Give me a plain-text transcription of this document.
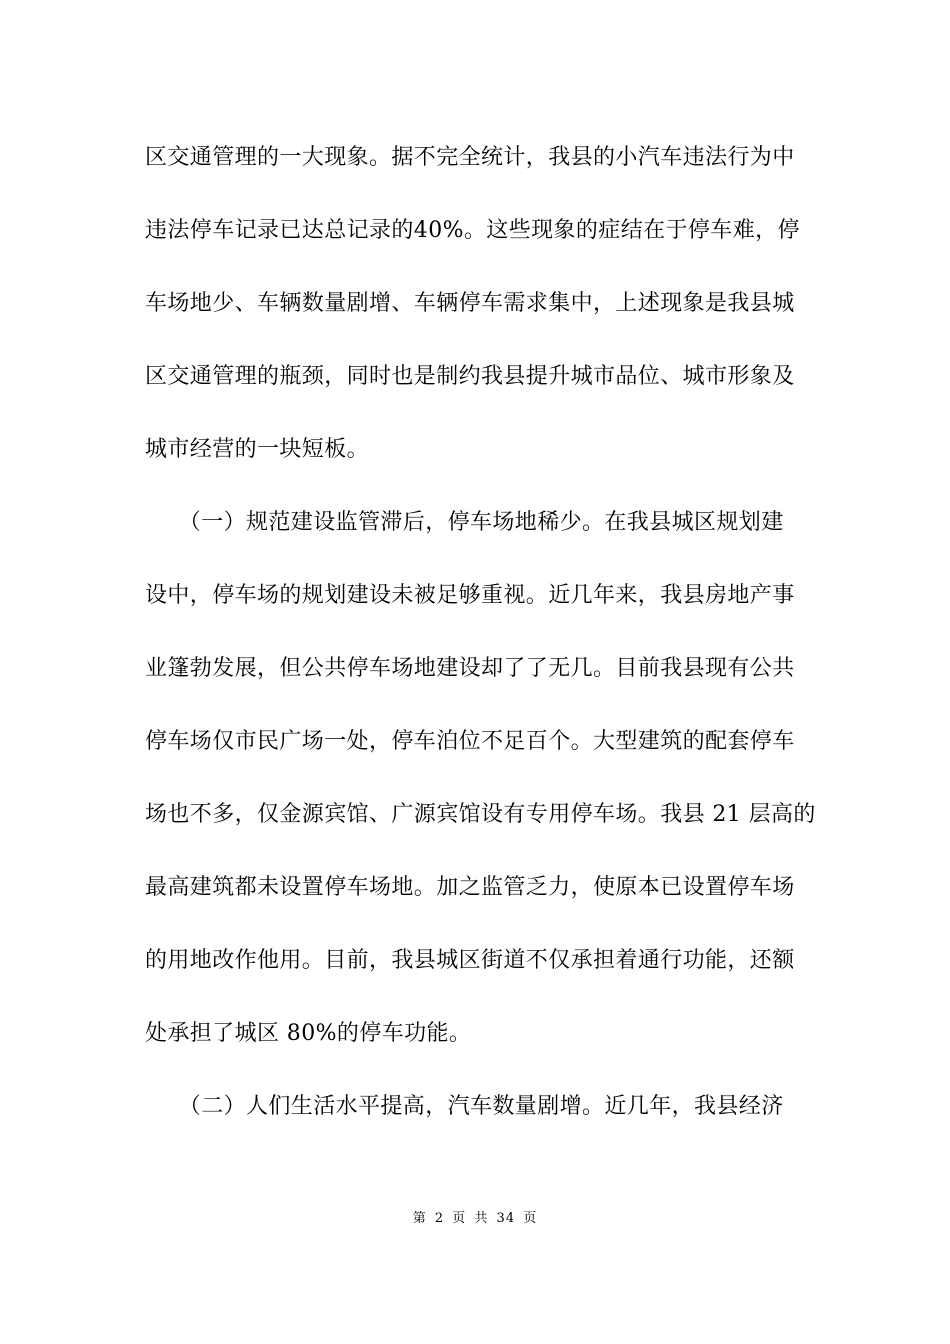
区交通管理的一大现象。据不完全统计，我县的小汽车违法行为中
违法停车记录已达总记录的40%。这些现象的症结在于停车难，停
车场地少、车辆数量剧增、车辆停车需求集中，上述现象是我县城
区交通管理的瓶颈，同时也是制约我县提升城市品位、城市形象及
城市经营的一块短板。
　　（一）规范建设监管滞后，停车场地稀少。在我县城区规划建
设中，停车场的规划建设未被足够重视。近几年来，我县房地产事
业篷勃发展，但公共停车场地建设却了了无几。目前我县现有公共
停车场仅市民广场一处，停车泊位不足百个。大型建筑的配套停车
场也不多，仅金源宾馆、广源宾馆设有专用停车场。我县 21 层高的
最高建筑都未设置停车场地。加之监管乏力，使原本已设置停车场
的用地改作他用。目前，我县城区街道不仅承担着通行功能，还额
处承担了城区 80%的停车功能。
　　（二）人们生活水平提高，汽车数量剧增。近几年，我县经济
第 2 页 共 34 页
